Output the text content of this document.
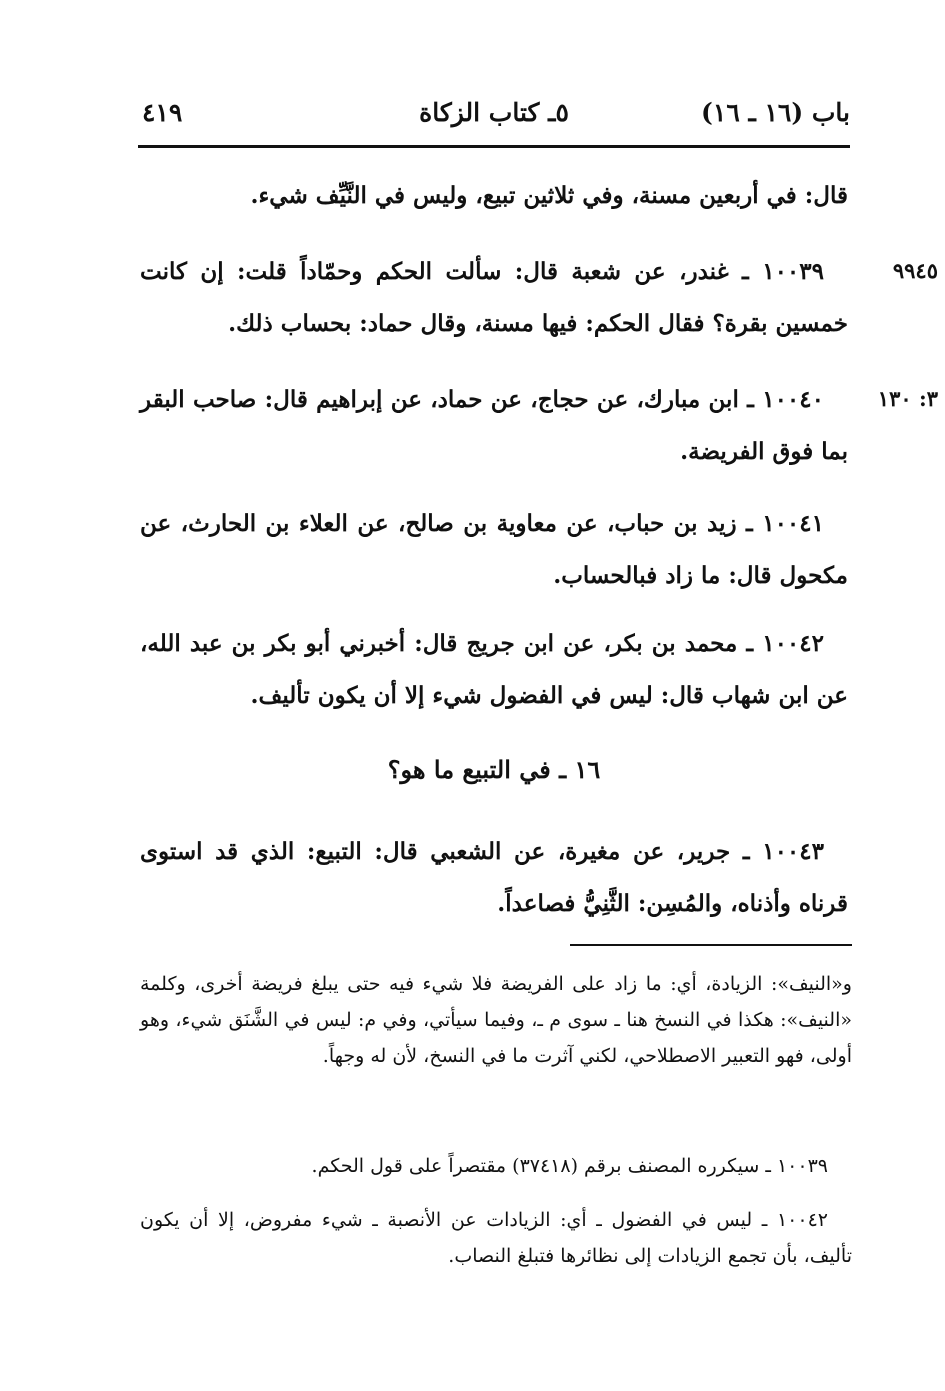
باب (١٦ ـ ١٦)
٥ـ كتاب الزكاة
٤١٩
قال: في أربعين مسنة، وفي ثلاثين تبيع، وليس في النَّيِّف شيء.
٩٩٤٥
١٠٠٣٩ ـ غندر، عن شعبة قال: سألت الحكم وحمّاداً قلت: إن كانت خمسين بقرة؟ فقال الحكم: فيها مسنة، وقال حماد: بحساب ذلك.
٣: ١٣٠
١٠٠٤٠ ـ ابن مبارك، عن حجاج، عن حماد، عن إبراهيم قال: صاحب البقر بما فوق الفريضة.
١٠٠٤١ ـ زيد بن حباب، عن معاوية بن صالح، عن العلاء بن الحارث، عن مكحول قال: ما زاد فبالحساب.
١٠٠٤٢ ـ محمد بن بكر، عن ابن جريج قال: أخبرني أبو بكر بن عبد الله، عن ابن شهاب قال: ليس في الفضول شيء إلا أن يكون تأليف.
١٦ ـ في التبيع ما هو؟
١٠٠٤٣ ـ جرير، عن مغيرة، عن الشعبي قال: التبيع: الذي قد استوى قرناه وأذناه، والمُسِن: الثَّنِيُّ فصاعداً.
و«النيف»: الزيادة، أي: ما زاد على الفريضة فلا شيء فيه حتى يبلغ فريضة أخرى، وكلمة «النيف»: هكذا في النسخ هنا ـ سوى م ـ، وفيما سيأتي، وفي م: ليس في الشَّنَق شيء، وهو أولى، فهو التعبير الاصطلاحي، لكني آثرت ما في النسخ، لأن له وجهاً.
١٠٠٣٩ ـ سيكرره المصنف برقم (٣٧٤١٨) مقتصراً على قول الحكم.
١٠٠٤٢ ـ ليس في الفضول ـ أي: الزيادات عن الأنصبة ـ شيء مفروض، إلا أن يكون تأليف، بأن تجمع الزيادات إلى نظائرها فتبلغ النصاب.
